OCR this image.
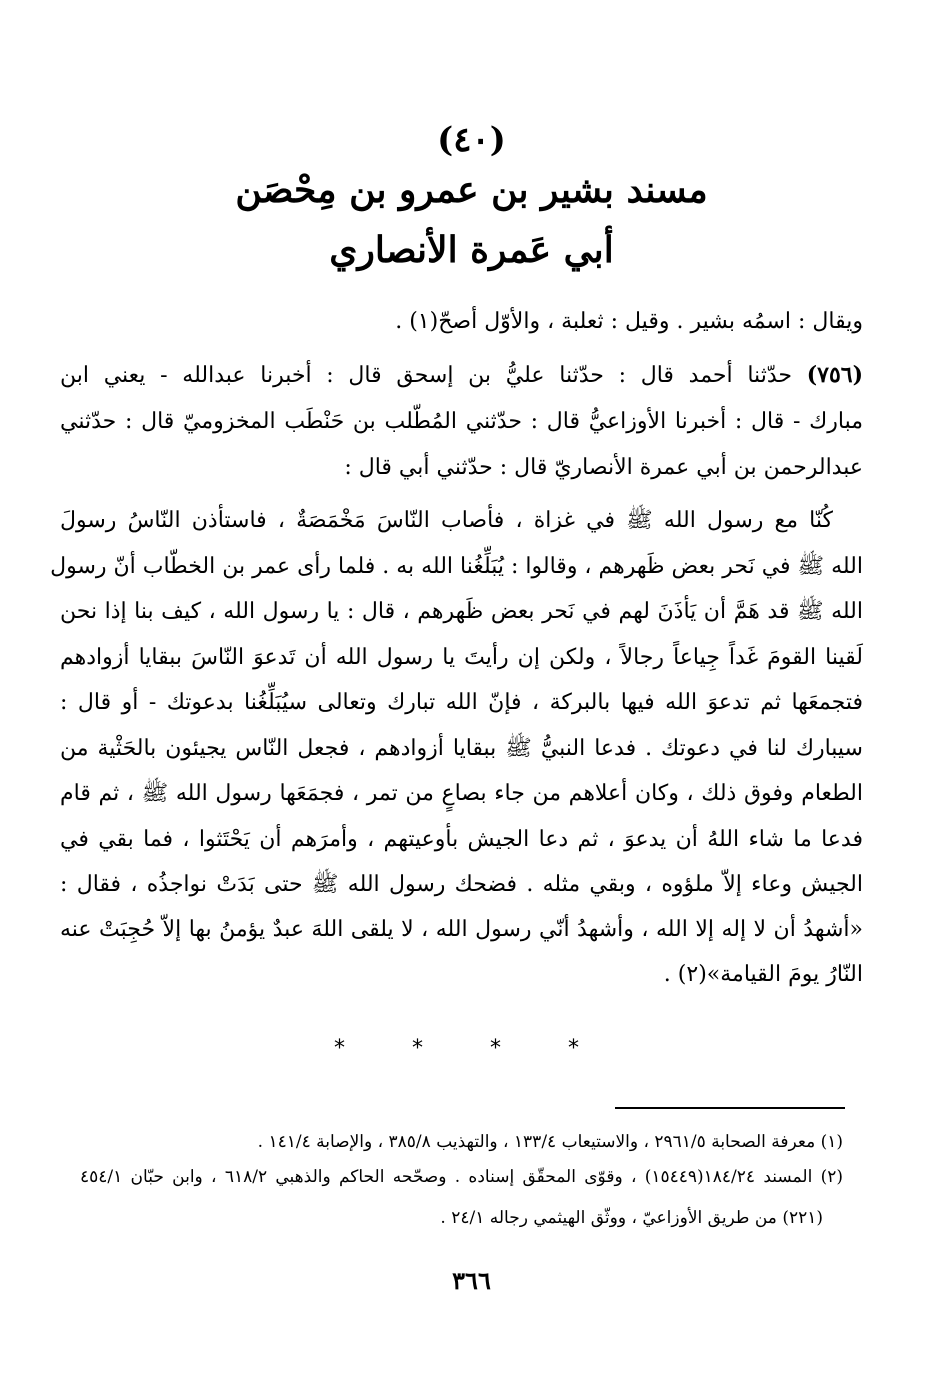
(٤٠)
مسند بشير بن عمرو بن مِحْصَن
أبي عَمرة الأنصاري
ويقال : اسمُه بشير . وقيل : ثعلبة ، والأوّل أصحّ(١) .
(٧٥٦) حدّثنا أحمد قال : حدّثنا عليُّ بن إسحق قال : أخبرنا عبدالله - يعني ابن
مبارك - قال : أخبرنا الأوزاعيُّ قال : حدّثني المُطّلب بن حَنْطَب المخزوميّ قال : حدّثني
عبدالرحمن بن أبي عمرة الأنصاريّ قال : حدّثني أبي قال :
كُنّا مع رسول الله ﷺ في غزاة ، فأصاب النّاسَ مَخْمَصَةٌ ، فاستأذن النّاسُ رسولَ
الله ﷺ في نَحر بعض ظَهرهم ، وقالوا : يُبَلِّغُنا الله به . فلما رأى عمر بن الخطّاب أنّ رسول
الله ﷺ قد هَمَّ أن يَأذَنَ لهم في نَحر بعض ظَهرهم ، قال : يا رسول الله ، كيف بنا إذا نحن
لَقينا القومَ غَداً جِياعاً رجالاً ، ولكن إن رأيتَ يا رسول الله أن تَدعوَ النّاسَ ببقايا أزوادهم
فتجمعَها ثم تدعوَ الله فيها بالبركة ، فإنّ الله تبارك وتعالى سيُبَلِّغُنا بدعوتك - أو قال :
سيبارك لنا في دعوتك . فدعا النبيُّ ﷺ ببقايا أزوادهم ، فجعل النّاس يجيئون بالحَثْية من
الطعام وفوق ذلك ، وكان أعلاهم من جاء بصاعٍ من تمر ، فجمَعَها رسول الله ﷺ ، ثم قام
فدعا ما شاء اللهُ أن يدعوَ ، ثم دعا الجيش بأوعيتهم ، وأمرَهم أن يَحْتَثوا ، فما بقي في
الجيش وعاء إلاّ ملؤوه ، وبقي مثله . فضحك رسول الله ﷺ حتى بَدَتْ نواجذُه ، فقال :
«أشهدُ أن لا إله إلا الله ، وأشهدُ أنّي رسول الله ، لا يلقى اللهَ عبدٌ يؤمنُ بها إلاّ حُجِبَتْ عنه
النّارُ يومَ القيامة»(٢) .
* * * *
(١) معرفة الصحابة ٢٩٦١/٥ ، والاستيعاب ١٣٣/٤ ، والتهذيب ٣٨٥/٨ ، والإصابة ١٤١/٤ .
(٢) المسند ١٨٤/٢٤(١٥٤٤٩) ، وقوّى المحقّق إسناده . وصحّحه الحاكم والذهبي ٦١٨/٢ ، وابن حبّان ٤٥٤/١
(٢٢١) من طريق الأوزاعيّ ، ووثّق الهيثمي رجاله ٢٤/١ .
٣٦٦
